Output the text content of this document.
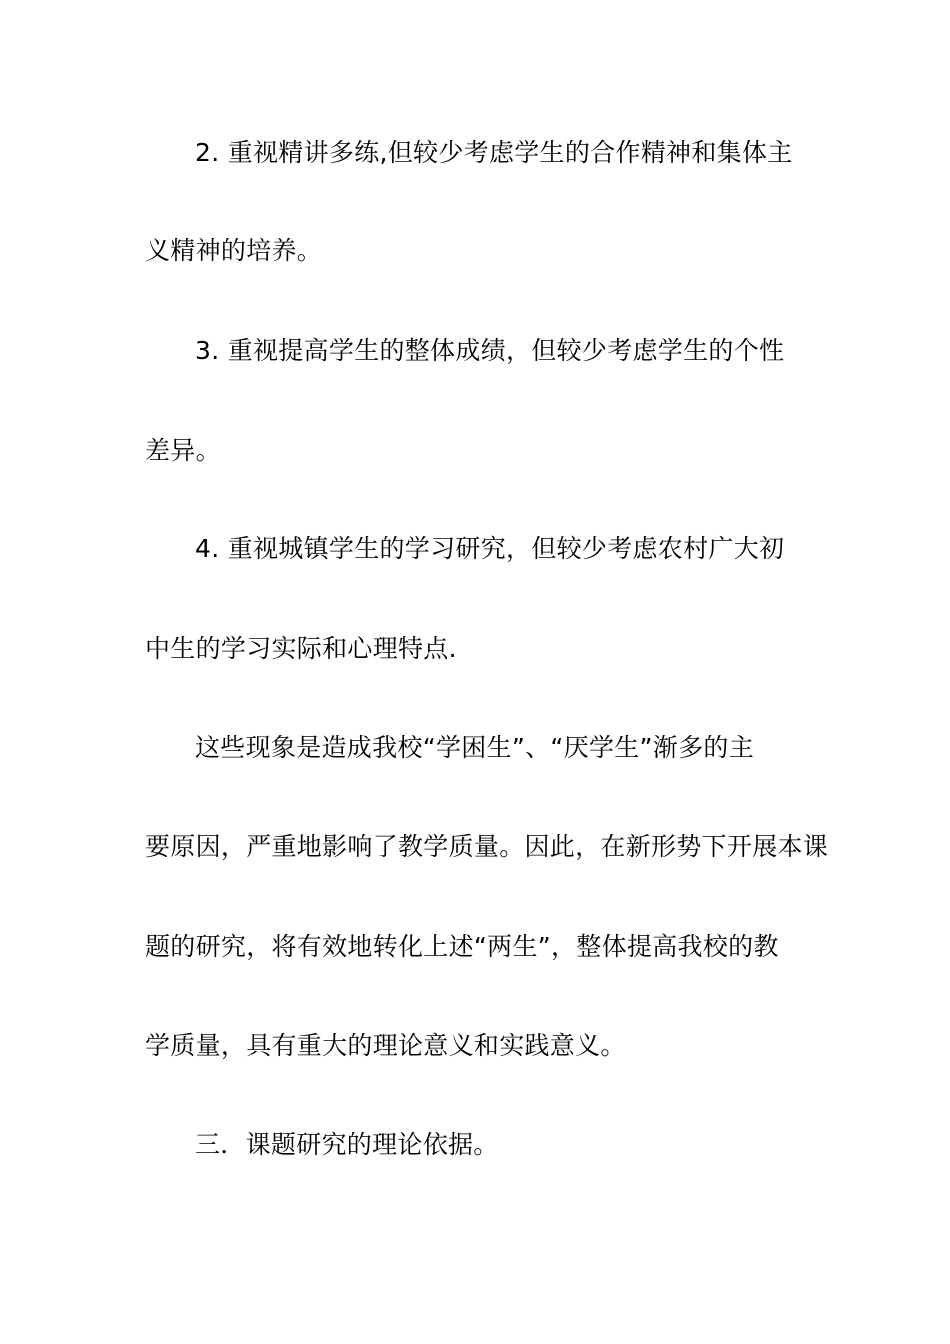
2. 重视精讲多练,但较少考虑学生的合作精神和集体主
义精神的培养。
3. 重视提高学生的整体成绩，但较少考虑学生的个性
差异。
4. 重视城镇学生的学习研究，但较少考虑农村广大初
中生的学习实际和心理特点.
这些现象是造成我校“学困生”、“厌学生”渐多的主
要原因，严重地影响了教学质量。因此，在新形势下开展本课
题的研究，将有效地转化上述“两生”，整体提高我校的教
学质量，具有重大的理论意义和实践意义。
三．课题研究的理论依据。
